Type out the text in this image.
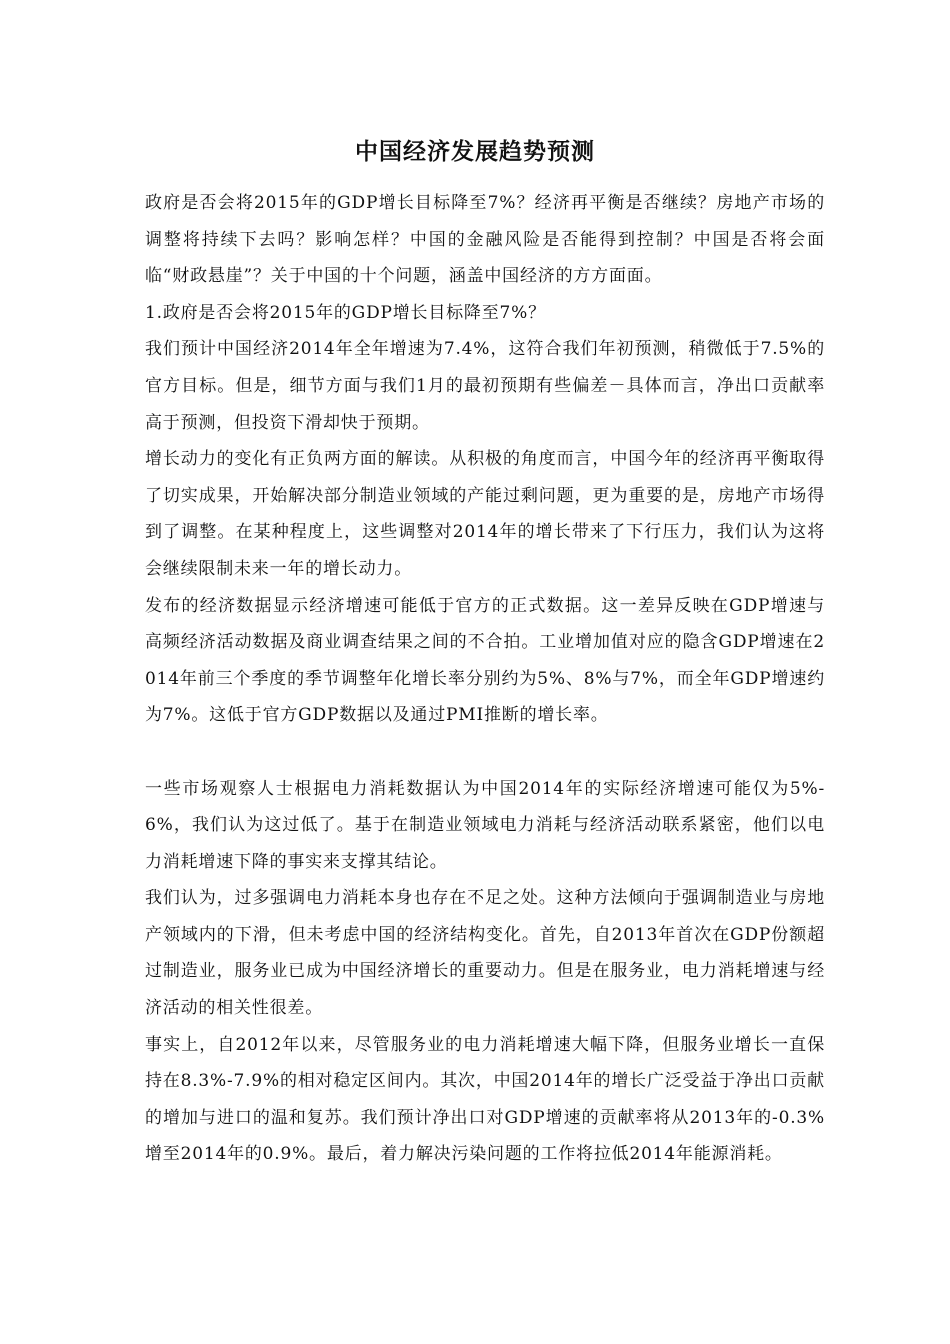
中国经济发展趋势预测

政府是否会将2015年的GDP增长目标降至7%？经济再平衡是否继续？房地产市场的调整将持续下去吗？影响怎样？中国的金融风险是否能得到控制？中国是否将会面临“财政悬崖”？关于中国的十个问题，涵盖中国经济的方方面面。

1.政府是否会将2015年的GDP增长目标降至7%？

我们预计中国经济2014年全年增速为7.4%，这符合我们年初预测，稍微低于7.5%的官方目标。但是，细节方面与我们1月的最初预期有些偏差－具体而言，净出口贡献率高于预测，但投资下滑却快于预期。

增长动力的变化有正负两方面的解读。从积极的角度而言，中国今年的经济再平衡取得了切实成果，开始解决部分制造业领域的产能过剩问题，更为重要的是，房地产市场得到了调整。在某种程度上，这些调整对2014年的增长带来了下行压力，我们认为这将会继续限制未来一年的增长动力。

发布的经济数据显示经济增速可能低于官方的正式数据。这一差异反映在GDP增速与高频经济活动数据及商业调查结果之间的不合拍。工业增加值对应的隐含GDP增速在2014年前三个季度的季节调整年化增长率分别约为5%、8%与7%，而全年GDP增速约为7%。这低于官方GDP数据以及通过PMI推断的增长率。

一些市场观察人士根据电力消耗数据认为中国2014年的实际经济增速可能仅为5%-6%，我们认为这过低了。基于在制造业领域电力消耗与经济活动联系紧密，他们以电力消耗增速下降的事实来支撑其结论。

我们认为，过多强调电力消耗本身也存在不足之处。这种方法倾向于强调制造业与房地产领域内的下滑，但未考虑中国的经济结构变化。首先，自2013年首次在GDP份额超过制造业，服务业已成为中国经济增长的重要动力。但是在服务业，电力消耗增速与经济活动的相关性很差。

事实上，自2012年以来，尽管服务业的电力消耗增速大幅下降，但服务业增长一直保持在8.3%-7.9%的相对稳定区间内。其次，中国2014年的增长广泛受益于净出口贡献的增加与进口的温和复苏。我们预计净出口对GDP增速的贡献率将从2013年的-0.3%增至2014年的0.9%。最后，着力解决污染问题的工作将拉低2014年能源消耗。
